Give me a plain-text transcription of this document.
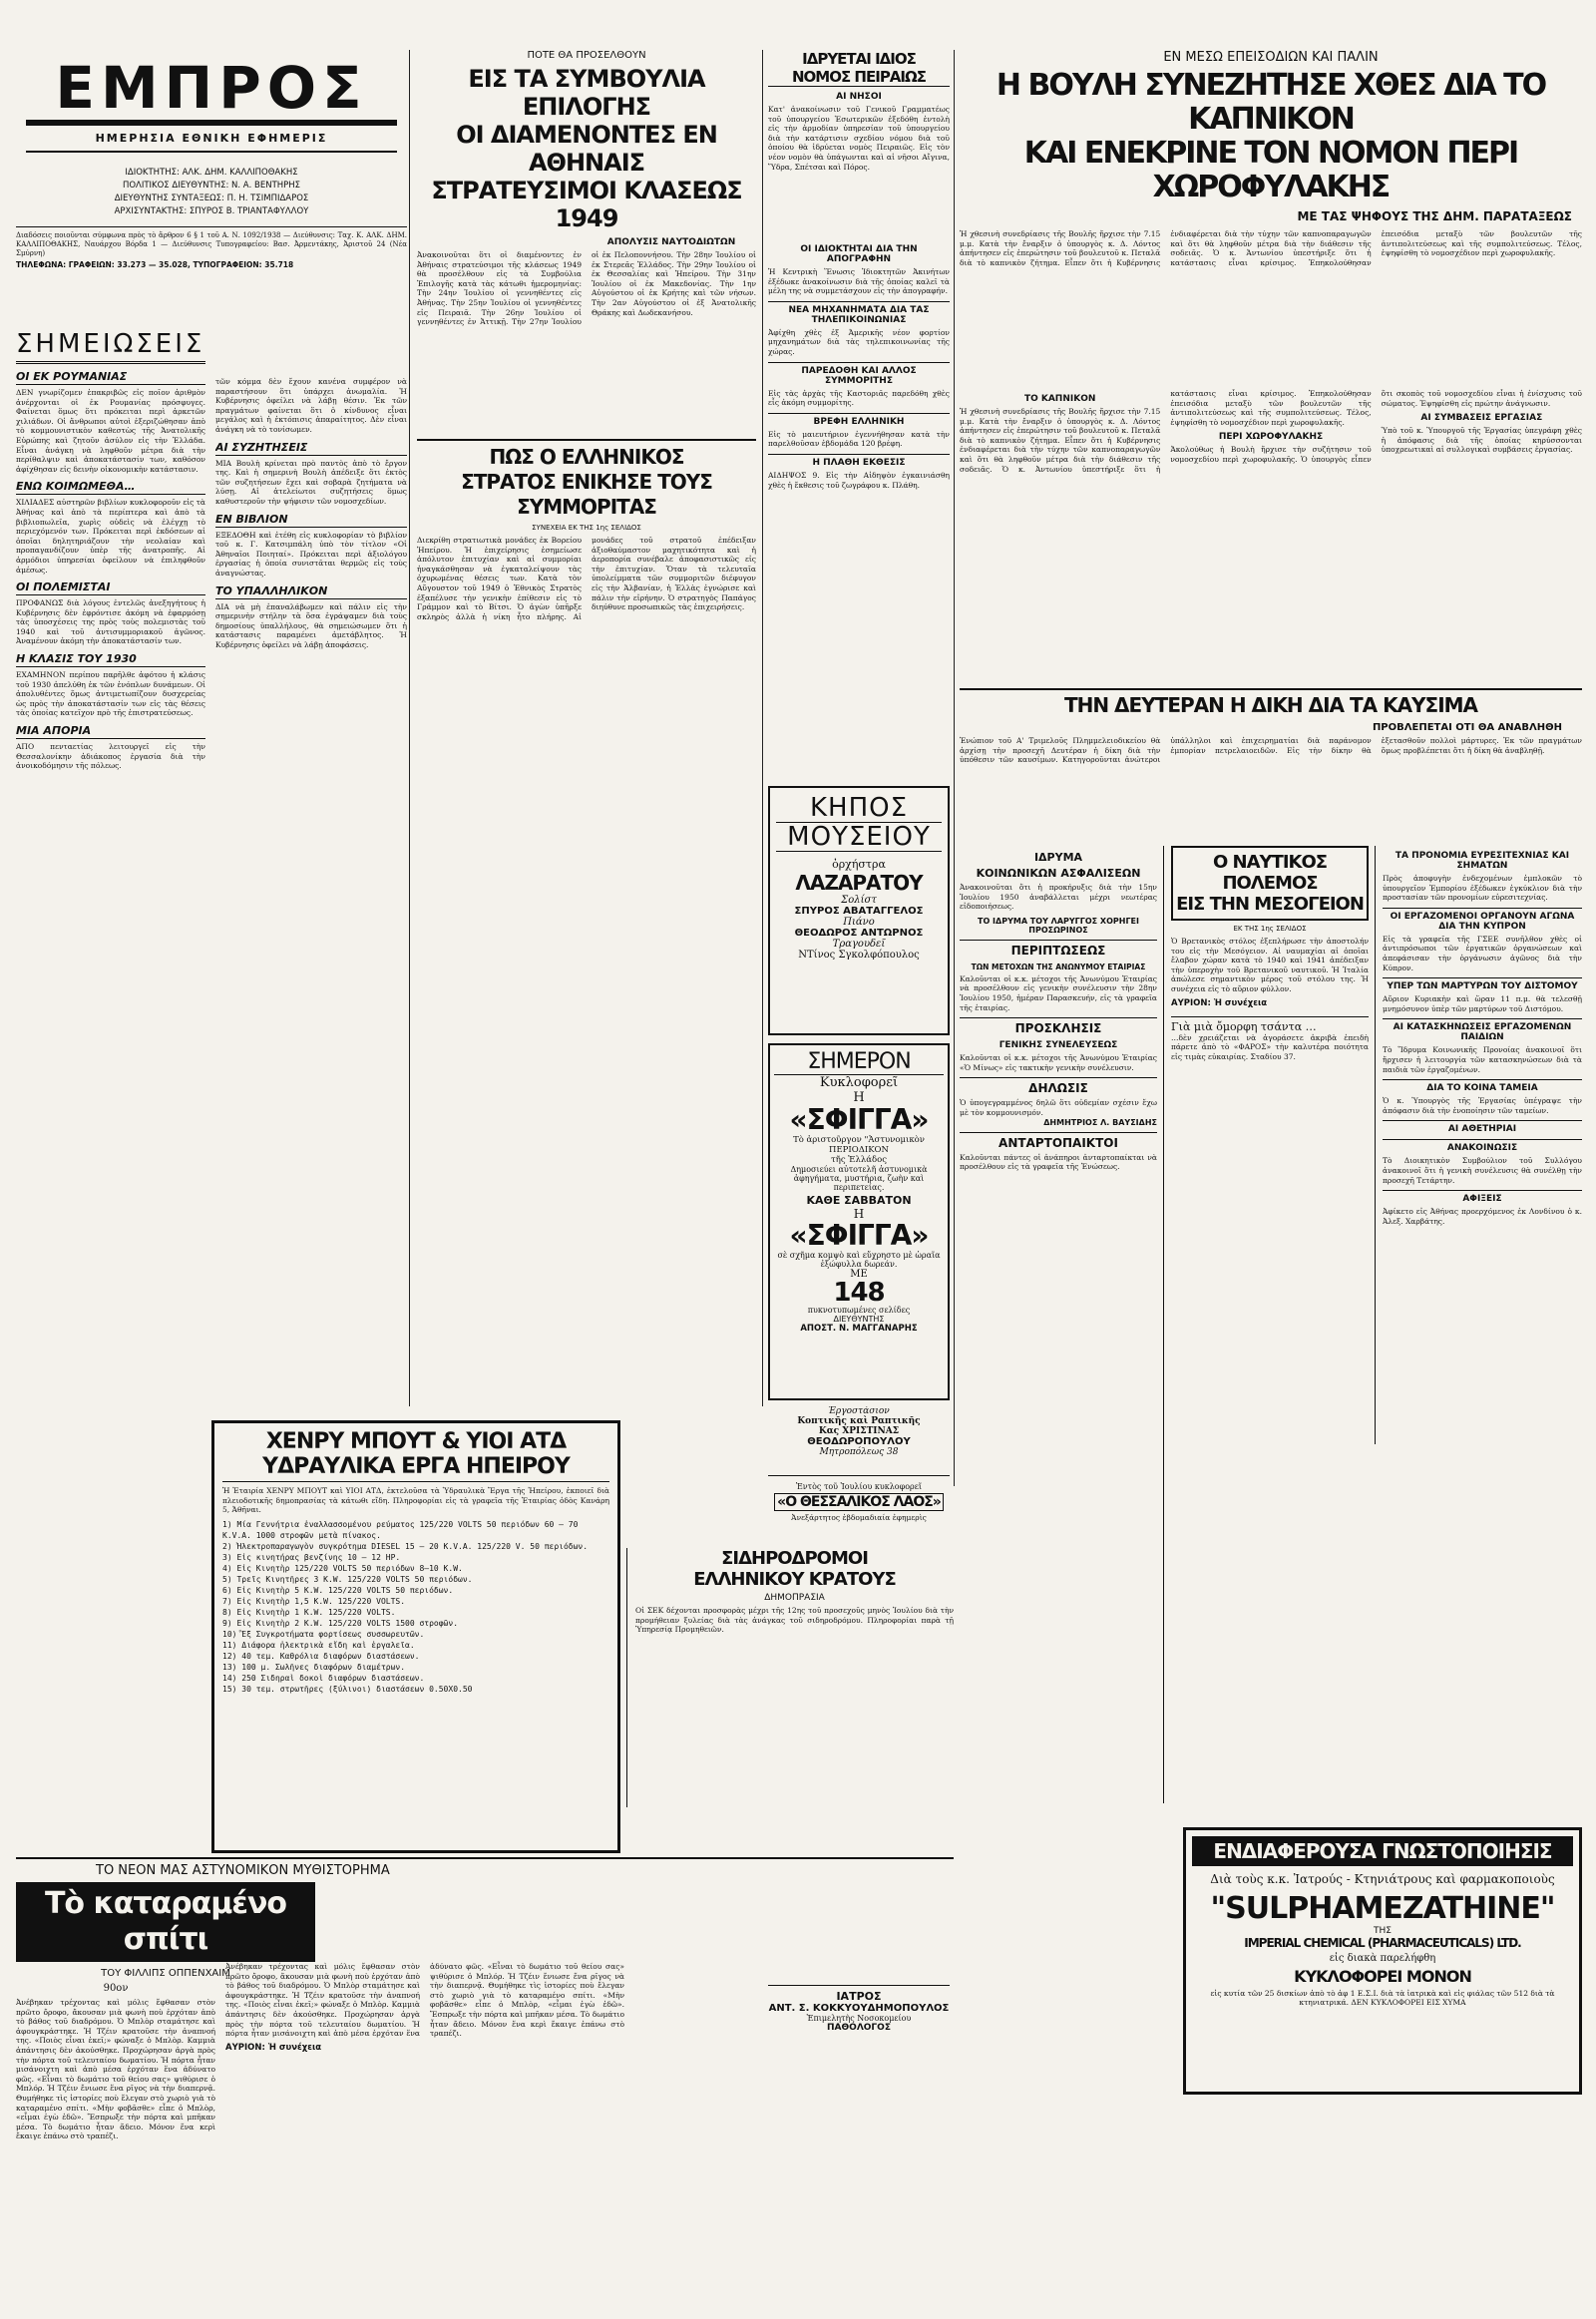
ΕΜΠΡΟΣ
ΗΜΕΡΗΣΙΑ ΕΘΝΙΚΗ ΕΦΗΜΕΡΙΣ
ΙΔΙΟΚΤΗΤΗΣ: ΑΛΚ. ΔΗΜ. ΚΑΛΛΙΠΟΘΑΚΗΣ
ΠΟΛΙΤΙΚΟΣ ΔΙΕΥΘΥΝΤΗΣ: Ν. Α. ΒΕΝΤΗΡΗΣ
ΔΙΕΥΘΥΝΤΗΣ ΣΥΝΤΑΞΕΩΣ: Π. Η. ΤΣΙΜΠΙΔΑΡΟΣ
ΑΡΧΙΣΥΝΤΑΚΤΗΣ: ΣΠΥΡΟΣ Β. ΤΡΙΑΝΤΑΦΥΛΛΟΥ
Διαδόσεις ποιοῦνται σύμφωνα πρὸς τὸ ἄρθρον 6 § 1 τοῦ Α. Ν. 1092/1938 — Διεύθυνσις: Ταχ. Κ. ΑΛΚ. ΔΗΜ. ΚΑΛΛΙΠΟΘΑΚΗΣ, Ναυάρχου Βόρδα 1 — Διεύθυνσις Τυπογραφείου: Βασ. Ἀρμεντάκης, Ἀριστοῦ 24 (Νέα Σμύρνη)
ΤΗΛΕΦΩΝΑ: ΓΡΑΦΕΙΩΝ: 33.273 — 35.028, ΤΥΠΟΓΡΑΦΕΙΟΝ: 35.718
ΣΗΜΕΙΩΣΕΙΣ
ΟΙ ΕΚ ΡΟΥΜΑΝΙΑΣ
ΔΕΝ γνωρίζομεν ἐπακριβῶς εἰς ποῖον ἀριθμὸν ἀνέρχονται οἱ ἐκ Ρουμανίας πρόσφυγες. Φαίνεται ὅμως ὅτι πρόκειται περὶ ἀρκετῶν χιλιάδων. Οἱ ἄνθρωποι αὐτοὶ ἐξεριζώθησαν ἀπὸ τὸ κομμουνιστικὸν καθεστὼς τῆς Ἀνατολικῆς Εὐρώπης καὶ ζητοῦν ἀσύλον εἰς τὴν Ἑλλάδα. Εἶναι ἀνάγκη νὰ ληφθοῦν μέτρα διὰ τὴν περίθαλψιν καὶ ἀποκατάστασίν των, καθόσον ἀφίχθησαν εἰς δεινὴν οἰκονομικὴν κατάστασιν.
ΕΝΩ ΚΟΙΜΩΜΕΘΑ…
ΧΙΛΙΑΔΕΣ αὐστηρῶν βιβλίων κυκλοφοροῦν εἰς τὰ Ἀθήνας καὶ ἀπὸ τὰ περίπτερα καὶ ἀπὸ τὰ βιβλιοπωλεῖα, χωρὶς οὐδεὶς νὰ ἐλέγχῃ τὸ περιεχόμενόν των. Πρόκειται περὶ ἐκδόσεων αἱ ὁποῖαι δηλητηριάζουν τὴν νεολαίαν καὶ προπαγανδίζουν ὑπὲρ τῆς ἀνατροπῆς. Αἱ ἁρμόδιοι ὑπηρεσίαι ὀφείλουν νὰ ἐπιληφθοῦν ἀμέσως.
ΟΙ ΠΟΛΕΜΙΣΤΑΙ
ΠΡΟΦΑΝΩΣ διὰ λόγους ἐντελῶς ἀνεξηγήτους ἡ Κυβέρνησις δὲν ἐφρόντισε ἀκόμη νὰ ἐφαρμόσῃ τὰς ὑποσχέσεις της πρὸς τοὺς πολεμιστὰς τοῦ 1940 καὶ τοῦ ἀντισυμμοριακοῦ ἀγῶνος. Ἀναμένουν ἀκόμη τὴν ἀποκατάστασίν των.
Η ΚΛΑΣΙΣ ΤΟΥ 1930
ΕΧΑΜΗΝΟΝ περίπου παρῆλθε ἀφότου ἡ κλάσις τοῦ 1930 ἀπελύθη ἐκ τῶν ἐνόπλων δυνάμεων. Οἱ ἀπολυθέντες ὅμως ἀντιμετωπίζουν δυσχερείας ὡς πρὸς τὴν ἀποκατάστασίν των εἰς τὰς θέσεις τὰς ὁποίας κατεῖχον πρὸ τῆς ἐπιστρατεύσεως.
ΜΙΑ ΑΠΟΡΙΑ
ΑΠΟ πενταετίας λειτουργεῖ εἰς τὴν Θεσσαλονίκην ἀδιάκοπος ἐργασία διὰ τὴν ἀνοικοδόμησιν τῆς πόλεως.
τῶν κόμμα δὲν ἔχουν κανένα συμφέρον νὰ παραστήσουν ὅτι ὑπάρχει ἀνωμαλία. Ἡ Κυβέρνησις ὀφείλει νὰ λάβῃ θέσιν. Ἐκ τῶν πραγμάτων φαίνεται ὅτι ὁ κίνδυνος εἶναι μεγάλος καὶ ἡ ἐκτόπισις ἀπαραίτητος. Δὲν εἶναι ἀνάγκη νὰ τὸ τονίσωμεν.
ΑΙ ΣΥΖΗΤΗΣΕΙΣ
ΜΙΑ Βουλὴ κρίνεται πρὸ παντὸς ἀπὸ τὸ ἔργον της. Καὶ ἡ σημερινὴ Βουλὴ ἀπέδειξε ὅτι ἐκτὸς τῶν συζητήσεων ἔχει καὶ σοβαρὰ ζητήματα νὰ λύσῃ. Αἱ ἀτελείωτοι συζητήσεις ὅμως καθυστεροῦν τὴν ψήφισιν τῶν νομοσχεδίων.
ΕΝ ΒΙΒΛΙΟΝ
ΕΞΕΔΟΘΗ καὶ ἐτέθη εἰς κυκλοφορίαν τὸ βιβλίον τοῦ κ. Γ. Κατσιμπάλη ὑπὸ τὸν τίτλον «Οἱ Ἀθηναῖοι Ποιηταί». Πρόκειται περὶ ἀξιολόγου ἐργασίας ἡ ὁποία συνιστᾶται θερμῶς εἰς τοὺς ἀναγνώστας.
ΤΟ ΥΠΑΛΛΗΛΙΚΟΝ
ΔΙΑ νὰ μὴ ἐπαναλάβωμεν καὶ πάλιν εἰς τὴν σημερινὴν στήλην τὰ ὅσα ἐγράψαμεν διὰ τοὺς δημοσίους ὑπαλλήλους, θὰ σημειώσωμεν ὅτι ἡ κατάστασις παραμένει ἀμετάβλητος. Ἡ Κυβέρνησις ὀφείλει νὰ λάβῃ ἀποφάσεις.
ΠΟΤΕ ΘΑ ΠΡΟΣΕΛΘΟΥΝ
ΕΙΣ ΤΑ ΣΥΜΒΟΥΛΙΑ ΕΠΙΛΟΓΗΣ
ΟΙ ΔΙΑΜΕΝΟΝΤΕΣ ΕΝ ΑΘΗΝΑΙΣ
ΣΤΡΑΤΕΥΣΙΜΟΙ ΚΛΑΣΕΩΣ 1949
ΑΠΟΛΥΣΙΣ ΝΑΥΤΟΔΙΩΤΩΝ
Ἀνακοινοῦται ὅτι οἱ διαμένοντες ἐν Ἀθήναις στρατεύσιμοι τῆς κλάσεως 1949 θὰ προσέλθουν εἰς τὰ Συμβούλια Ἐπιλογῆς κατὰ τὰς κάτωθι ἡμερομηνίας: Τὴν 24ην Ἰουλίου οἱ γεννηθέντες εἰς Ἀθήνας. Τὴν 25ην Ἰουλίου οἱ γεννηθέντες εἰς Πειραιᾶ. Τὴν 26ην Ἰουλίου οἱ γεννηθέντες ἐν Ἀττικῇ. Τὴν 27ην Ἰουλίου οἱ ἐκ Πελοποννήσου. Τὴν 28ην Ἰουλίου οἱ ἐκ Στερεᾶς Ἑλλάδος. Τὴν 29ην Ἰουλίου οἱ ἐκ Θεσσαλίας καὶ Ἠπείρου. Τὴν 31ην Ἰουλίου οἱ ἐκ Μακεδονίας. Τὴν 1ην Αὐγούστου οἱ ἐκ Κρήτης καὶ τῶν νήσων. Τὴν 2αν Αὐγούστου οἱ ἐξ Ἀνατολικῆς Θράκης καὶ Δωδεκανήσου.
ΠΩΣ Ο ΕΛΛΗΝΙΚΟΣ ΣΤΡΑΤΟΣ ΕΝΙΚΗΣΕ ΤΟΥΣ ΣΥΜΜΟΡΙΤΑΣ
ΣΥΝΕΧΕΙΑ ΕΚ ΤΗΣ 1ης ΣΕΛΙΔΟΣ
Διεκρίθη στρατιωτικὰ μονάδες ἐκ Βορείου Ἠπείρου. Ἡ ἐπιχείρησις ἐσημείωσε ἀπόλυτον ἐπιτυχίαν καὶ αἱ συμμορίαι ἠναγκάσθησαν νὰ ἐγκαταλείψουν τὰς ὀχυρωμένας θέσεις των. Κατὰ τὸν Αὔγουστον τοῦ 1949 ὁ Ἐθνικὸς Στρατὸς ἐξαπέλυσε τὴν γενικὴν ἐπίθεσιν εἰς τὸ Γράμμον καὶ τὸ Βίτσι. Ὁ ἀγὼν ὑπῆρξε σκληρὸς ἀλλὰ ἡ νίκη ἦτο πλήρης. Αἱ μονάδες τοῦ στρατοῦ ἐπέδειξαν ἀξιοθαύμαστον μαχητικότητα καὶ ἡ ἀεροπορία συνέβαλε ἀποφασιστικῶς εἰς τὴν ἐπιτυχίαν. Ὅταν τὰ τελευταῖα ὑπολείμματα τῶν συμμοριτῶν διέφυγον εἰς τὴν Ἀλβανίαν, ἡ Ἑλλὰς ἐγνώρισε καὶ πάλιν τὴν εἰρήνην. Ὁ στρατηγὸς Παπάγος διηύθυνε προσωπικῶς τὰς ἐπιχειρήσεις.
ΙΔΡΥΕΤΑΙ ΙΔΙΟΣ
ΝΟΜΟΣ ΠΕΙΡΑΙΩΣ
ΑΙ ΝΗΣΟΙ
Κατ' ἀνακοίνωσιν τοῦ Γενικοῦ Γραμματέως τοῦ ὑπουργείου Ἐσωτερικῶν ἐξεδόθη ἐντολὴ εἰς τὴν ἁρμοδίαν ὑπηρεσίαν τοῦ ὑπουργείου διὰ τὴν κατάρτισιν σχεδίου νόμου διὰ τοῦ ὁποίου θὰ ἱδρύεται νομὸς Πειραιῶς. Εἰς τὸν νέον νομὸν θὰ ὑπάγωνται καὶ αἱ νῆσοι Αἴγινα, Ὕδρα, Σπέτσαι καὶ Πόρος.
ΟΙ ΙΔΙΟΚΤΗΤΑΙ ΔΙΑ ΤΗΝ ΑΠΟΓΡΑΦΗΝ
Ἡ Κεντρικὴ Ἕνωσις Ἰδιοκτητῶν Ἀκινήτων ἐξέδωκε ἀνακοίνωσιν διὰ τῆς ὁποίας καλεῖ τὰ μέλη της νὰ συμμετάσχουν εἰς τὴν ἀπογραφήν.
ΝΕΑ ΜΗΧΑΝΗΜΑΤΑ ΔΙΑ ΤΑΣ ΤΗΛΕΠΙΚΟΙΝΩΝΙΑΣ
Ἀφίχθη χθὲς ἐξ Ἀμερικῆς νέον φορτίον μηχανημάτων διὰ τὰς τηλεπικοινωνίας τῆς χώρας.
ΠΑΡΕΔΟΘΗ ΚΑΙ ΑΛΛΟΣ ΣΥΜΜΟΡΙΤΗΣ
Εἰς τὰς ἀρχὰς τῆς Καστοριᾶς παρεδόθη χθὲς εἷς ἀκόμη συμμορίτης.
ΒΡΕΦΗ ΕΛΛΗΝΙΚΗ
Εἰς τὸ μαιευτήριον ἐγεννήθησαν κατὰ τὴν παρελθοῦσαν ἑβδομάδα 120 βρέφη.
Η ΠΛΑΘΗ ΕΚΘΕΣΙΣ
ΑΙΔΗΨΟΣ 9. Εἰς τὴν Αἰδηψὸν ἐγκαινιάσθη χθὲς ἡ ἔκθεσις τοῦ ζωγράφου κ. Πλάθη.
ΚΗΠΟΣ
ΜΟΥΣΕΙΟΥ
ὀρχήστρα
ΛΑΖΑΡΑΤΟΥ
Σολίστ
ΣΠΥΡΟΣ ΑΒΑΤΑΓΓΕΛΟΣ
Πιάνο
ΘΕΟΔΩΡΟΣ ΑΝΤΩΡΝΟΣ
Τραγουδεῖ
ΝΤίνος Σγκολφόπουλος
ΣΗΜΕΡΟΝ
Κυκλοφορεῖ
Η
«ΣΦΙΓΓΑ»
Τὸ ἀριστοῦργον "Ἀστυνομικὸν ΠΕΡΙΟΔΙΚΟΝ
τῆς Ἑλλάδος
Δημοσιεύει αὐτοτελῆ ἀστυνομικὰ ἀφηγήματα, μυστήρια, ζωὴν καὶ περιπετείας.
ΚΑΘΕ ΣΑΒΒΑΤΟΝ
Η
«ΣΦΙΓΓΑ»
σὲ σχῆμα κομψὸ καὶ εὔχρηστο μὲ ὡραῖα ἐξώφυλλα δωρεάν.
ΜΕ
148
πυκνοτυπωμένες σελίδες
ΔΙΕΥΘΥΝΤΗΣ
ΑΠΟΣΤ. Ν. ΜΑΓΓΑΝΑΡΗΣ
Ἐργοστάσιον
Κοπτικῆς καὶ Ραπτικῆς
Κας ΧΡΙΣΤΙΝΑΣ
ΘΕΟΔΩΡΟΠΟΥΛΟΥ
Μητροπόλεως 38
Ἐντὸς τοῦ Ἰουλίου κυκλοφορεῖ
«Ο ΘΕΣΣΑΛΙΚΟΣ ΛΑΟΣ»
Ἀνεξάρτητος ἑβδομαδιαία ἐφημερὶς
ΣΙΔΗΡΟΔΡΟΜΟΙ
ΕΛΛΗΝΙΚΟΥ ΚΡΑΤΟΥΣ
ΔΗΜΟΠΡΑΣΙΑ
Οἱ ΣΕΚ δέχονται προσφορὰς μέχρι τῆς 12ης τοῦ προσεχοῦς μηνὸς Ἰουλίου διὰ τὴν προμήθειαν ξυλείας διὰ τὰς ἀνάγκας τοῦ σιδηροδρόμου. Πληροφορίαι παρὰ τῇ Ὑπηρεσίᾳ Προμηθειῶν.
ΙΑΤΡΟΣ
ΑΝΤ. Σ. ΚΟΚΚΥΟΥΔΗΜΟΠΟΥΛΟΣ
Ἐπιμελητὴς Νοσοκομείου
ΠΑΘΟΛΟΓΟΣ
ΕΝ ΜΕΣΩ ΕΠΕΙΣΟΔΙΩΝ ΚΑΙ ΠΑΛΙΝ
Η ΒΟΥΛΗ ΣΥΝΕΖΗΤΗΣΕ ΧΘΕΣ ΔΙΑ ΤΟ ΚΑΠΝΙΚΟΝ
ΚΑΙ ΕΝΕΚΡΙΝΕ ΤΟΝ ΝΟΜΟΝ ΠΕΡΙ ΧΩΡΟΦΥΛΑΚΗΣ
ΜΕ ΤΑΣ ΨΗΦΟΥΣ ΤΗΣ ΔΗΜ. ΠΑΡΑΤΑΞΕΩΣ
Ἡ χθεσινὴ συνεδρίασις τῆς Βουλῆς ἤρχισε τὴν 7.15 μ.μ. Κατὰ τὴν ἔναρξιν ὁ ὑπουργὸς κ. Δ. Λόντος ἀπήντησεν εἰς ἐπερώτησιν τοῦ βουλευτοῦ κ. Πεταλᾶ διὰ τὸ καπνικὸν ζήτημα. Εἶπεν ὅτι ἡ Κυβέρνησις ἐνδιαφέρεται διὰ τὴν τύχην τῶν καπνοπαραγωγῶν καὶ ὅτι θὰ ληφθοῦν μέτρα διὰ τὴν διάθεσιν τῆς σοδειᾶς. Ὁ κ. Ἀντωνίου ὑπεστήριξε ὅτι ἡ κατάστασις εἶναι κρίσιμος. Ἐπηκολούθησαν ἐπεισόδια μεταξὺ τῶν βουλευτῶν τῆς ἀντιπολιτεύσεως καὶ τῆς συμπολιτεύσεως. Τέλος, ἐψηφίσθη τὸ νομοσχέδιον περὶ χωροφυλακῆς.
ΤΟ ΚΑΠΝΙΚΟΝ
Ἡ χθεσινὴ συνεδρίασις τῆς Βουλῆς ἤρχισε τὴν 7.15 μ.μ. Κατὰ τὴν ἔναρξιν ὁ ὑπουργὸς κ. Δ. Λόντος ἀπήντησεν εἰς ἐπερώτησιν τοῦ βουλευτοῦ κ. Πεταλᾶ διὰ τὸ καπνικὸν ζήτημα. Εἶπεν ὅτι ἡ Κυβέρνησις ἐνδιαφέρεται διὰ τὴν τύχην τῶν καπνοπαραγωγῶν καὶ ὅτι θὰ ληφθοῦν μέτρα διὰ τὴν διάθεσιν τῆς σοδειᾶς. Ὁ κ. Ἀντωνίου ὑπεστήριξε ὅτι ἡ κατάστασις εἶναι κρίσιμος. Ἐπηκολούθησαν ἐπεισόδια μεταξὺ τῶν βουλευτῶν τῆς ἀντιπολιτεύσεως καὶ τῆς συμπολιτεύσεως. Τέλος, ἐψηφίσθη τὸ νομοσχέδιον περὶ χωροφυλακῆς.
ΠΕΡΙ ΧΩΡΟΦΥΛΑΚΗΣ
Ἀκολούθως ἡ Βουλὴ ἤρχισε τὴν συζήτησιν τοῦ νομοσχεδίου περὶ χωροφυλακῆς. Ὁ ὑπουργὸς εἶπεν ὅτι σκοπὸς τοῦ νομοσχεδίου εἶναι ἡ ἐνίσχυσις τοῦ σώματος. Ἐψηφίσθη εἰς πρώτην ἀνάγνωσιν.
ΑΙ ΣΥΜΒΑΣΕΙΣ ΕΡΓΑΣΙΑΣ
Ὑπὸ τοῦ κ. Ὑπουργοῦ τῆς Ἐργασίας ὑπεγράφη χθὲς ἡ ἀπόφασις διὰ τῆς ὁποίας κηρύσσονται ὑποχρεωτικαὶ αἱ συλλογικαὶ συμβάσεις ἐργασίας.
ΤΗΝ ΔΕΥΤΕΡΑΝ Η ΔΙΚΗ ΔΙΑ ΤΑ ΚΑΥΣΙΜΑ
ΠΡΟΒΛΕΠΕΤΑΙ ΟΤΙ ΘΑ ΑΝΑΒΛΗΘΗ
Ἐνώπιον τοῦ Α' Τριμελοῦς Πλημμελειοδικείου θὰ ἀρχίσῃ τὴν προσεχῆ Δευτέραν ἡ δίκη διὰ τὴν ὑπόθεσιν τῶν καυσίμων. Κατηγοροῦνται ἀνώτεροι ὑπάλληλοι καὶ ἐπιχειρηματίαι διὰ παράνομον ἐμπορίαν πετρελαιοειδῶν. Εἰς τὴν δίκην θὰ ἐξετασθοῦν πολλοὶ μάρτυρες. Ἐκ τῶν πραγμάτων ὅμως προβλέπεται ὅτι ἡ δίκη θὰ ἀναβληθῇ.
ΙΔΡΥΜΑ
ΚΟΙΝΩΝΙΚΩΝ ΑΣΦΑΛΙΣΕΩΝ
Ἀνακοινοῦται ὅτι ἡ προκήρυξις διὰ τὴν 15ην Ἰουλίου 1950 ἀναβάλλεται μέχρι νεωτέρας εἰδοποιήσεως.
ΤΟ ΙΔΡΥΜΑ ΤΟΥ ΛΑΡΥΓΓΟΣ ΧΟΡΗΓΕΙ ΠΡΟΣΩΡΙΝΟΣ
ΠΕΡΙΠΤΩΣΕΩΣ
ΤΩΝ ΜΕΤΟΧΩΝ ΤΗΣ ΑΝΩΝΥΜΟΥ ΕΤΑΙΡΙΑΣ
Καλοῦνται οἱ κ.κ. μέτοχοι τῆς Ἀνωνύμου Ἑταιρίας νὰ προσέλθουν εἰς γενικὴν συνέλευσιν τὴν 28ην Ἰουλίου 1950, ἡμέραν Παρασκευήν, εἰς τὰ γραφεῖα τῆς ἑταιρίας.
ΠΡΟΣΚΛΗΣΙΣ
ΓΕΝΙΚΗΣ ΣΥΝΕΛΕΥΣΕΩΣ
Καλοῦνται οἱ κ.κ. μέτοχοι τῆς Ἀνωνύμου Ἑταιρίας «Ὁ Μίνως» εἰς τακτικὴν γενικὴν συνέλευσιν.
ΔΗΛΩΣΙΣ
Ὁ ὑπογεγραμμένος δηλῶ ὅτι οὐδεμίαν σχέσιν ἔχω μὲ τὸν κομμουνισμόν.
ΔΗΜΗΤΡΙΟΣ Λ. ΒΑΥΣΙΔΗΣ
ΑΝΤΑΡΤΟΠΑΙΚΤΟΙ
Καλοῦνται πάντες οἱ ἀνάπηροι ἀνταρτοπαίκται νὰ προσέλθουν εἰς τὰ γραφεῖα τῆς Ἑνώσεως.
Ο ΝΑΥΤΙΚΟΣ ΠΟΛΕΜΟΣ
ΕΙΣ ΤΗΝ ΜΕΣΟΓΕΙΟΝ
ΕΚ ΤΗΣ 1ης ΣΕΛΙΔΟΣ
Ὁ Βρετανικὸς στόλος ἐξεπλήρωσε τὴν ἀποστολήν του εἰς τὴν Μεσόγειον. Αἱ ναυμαχίαι αἱ ὁποῖαι ἔλαβον χώραν κατὰ τὸ 1940 καὶ 1941 ἀπέδειξαν τὴν ὑπεροχὴν τοῦ Βρετανικοῦ ναυτικοῦ. Ἡ Ἰταλία ἀπώλεσε σημαντικὸν μέρος τοῦ στόλου της. Ἡ συνέχεια εἰς τὸ αὔριον φύλλον.
ΑΥΡΙΟΝ: Ἡ συνέχεια
Γιὰ μιὰ ὄμορφη τσάντα …
…δὲν χρειάζεται νὰ ἀγοράσετε ἀκριβὰ ἐπειδὴ πάρετε ἀπὸ τὸ «ΦΑΡΟΣ» τὴν καλυτέρα ποιότητα εἰς τιμὰς εὐκαιρίας. Σταδίου 37.
ΤΑ ΠΡΟΝΟΜΙΑ ΕΥΡΕΣΙΤΕΧΝΙΑΣ ΚΑΙ ΣΗΜΑΤΩΝ
Πρὸς ἀποφυγὴν ἐνδεχομένων ἐμπλοκῶν τὸ ὑπουργεῖον Ἐμπορίου ἐξέδωκεν ἐγκύκλιον διὰ τὴν προστασίαν τῶν προνομίων εὑρεσιτεχνίας.
ΟΙ ΕΡΓΑΖΟΜΕΝΟΙ ΟΡΓΑΝΟΥΝ ΑΓΩΝΑ ΔΙΑ ΤΗΝ ΚΥΠΡΟΝ
Εἰς τὰ γραφεῖα τῆς ΓΣΕΕ συνῆλθον χθὲς οἱ ἀντιπρόσωποι τῶν ἐργατικῶν ὀργανώσεων καὶ ἀπεφάσισαν τὴν ὀργάνωσιν ἀγῶνος διὰ τὴν Κύπρον.
ΥΠΕΡ ΤΩΝ ΜΑΡΤΥΡΩΝ ΤΟΥ ΔΙΣΤΟΜΟΥ
Αὔριον Κυριακὴν καὶ ὥραν 11 π.μ. θὰ τελεσθῇ μνημόσυνον ὑπὲρ τῶν μαρτύρων τοῦ Διστόμου.
ΑΙ ΚΑΤΑΣΚΗΝΩΣΕΙΣ ΕΡΓΑΖΟΜΕΝΩΝ ΠΑΙΔΙΩΝ
Τὸ Ἵδρυμα Κοινωνικῆς Προνοίας ἀνακοινοῖ ὅτι ἤρχισεν ἡ λειτουργία τῶν κατασκηνώσεων διὰ τὰ παιδιὰ τῶν ἐργαζομένων.
ΔΙΑ ΤΟ ΚΟΙΝΑ ΤΑΜΕΙΑ
Ὁ κ. Ὑπουργὸς τῆς Ἐργασίας ὑπέγραψε τὴν ἀπόφασιν διὰ τὴν ἐνοποίησιν τῶν ταμείων.
ΑΙ ΑΘΕΤΗΡΙΑΙ
ΑΝΑΚΟΙΝΩΣΙΣ
Τὸ Διοικητικὸν Συμβούλιον τοῦ Συλλόγου ἀνακοινοῖ ὅτι ἡ γενικὴ συνέλευσις θὰ συνέλθῃ τὴν προσεχῆ Τετάρτην.
ΑΦΙΞΕΙΣ
Ἀφίκετο εἰς Ἀθήνας προερχόμενος ἐκ Λονδίνου ὁ κ. Ἀλεξ. Χαρβάτης.
ΧΕΝΡΥ ΜΠΟΥΤ & ΥΙΟΙ ΑΤΔ
ΥΔΡΑΥΛΙΚΑ ΕΡΓΑ ΗΠΕΙΡΟΥ
Ἡ Ἑταιρία ΧΕΝΡΥ ΜΠΟΥΤ καὶ ΥΙΟΙ ΑΤΔ, ἐκτελοῦσα τὰ Ὑδραυλικὰ Ἔργα τῆς Ἠπείρου, ἐκποιεῖ διὰ πλειοδοτικῆς δημοπρασίας τὰ κάτωθι εἴδη. Πληροφορίαι εἰς τὰ γραφεῖα τῆς Ἑταιρίας ὁδὸς Κανάρη 5, Ἀθῆναι.
1) Μία Γεννήτρια ἐναλλασσομένου ρεύματος 125/220 VOLTS 50 περιόδων 60 — 70 K.V.A. 1000 στροφῶν μετὰ πίνακος.
2) Ἠλεκτροπαραγωγὸν συγκρότημα DIESEL 15 — 20 K.V.A. 125/220 V. 50 περιόδων.
3) Εἰς κινητήρας βενζίνης 10 — 12 ΗΡ.
4) Εἰς Κινητὴρ 125/220 VOLTS 50 περιόδων 8—10 K.W.
5) Τρεῖς Κινητῆρες 3 K.W. 125/220 VOLTS 50 περιόδων.
6) Εἰς Κινητὴρ 5 K.W. 125/220 VOLTS 50 περιόδων.
7) Εἰς Κινητὴρ 1,5 K.W. 125/220 VOLTS.
8) Εἰς Κινητὴρ 1 K.W. 125/220 VOLTS.
9) Εἰς Κινητὴρ 2 K.W. 125/220 VOLTS 1500 στροφῶν.
10) Ἓξ Συγκροτήματα φορτίσεως συσσωρευτῶν.
11) Διάφορα ἠλεκτρικὰ εἴδη καὶ ἐργαλεῖα.
12) 40 τεμ. Καθρόλια διαφόρων διαστάσεων.
13) 100 μ. Σωλῆνες διαφόρων διαμέτρων.
14) 250 Σιδηραὶ δοκοὶ διαφόρων διαστάσεων.
15) 30 τεμ. στρωτῆρες (ξύλινοι) διαστάσεων 0.50X0.50
ΤΟ ΝΕΟΝ ΜΑΣ ΑΣΤΥΝΟΜΙΚΟΝ ΜΥΘΙΣΤΟΡΗΜΑ
Τὸ καταραμένο σπίτι
ΤΟΥ ΦΙΛΛΙΠΣ ΟΠΠΕΝΧΑΙΜ
90ον
Ἀνέβηκαν τρέχοντας καὶ μόλις ἔφθασαν στὸν πρῶτο ὄροφο, ἄκουσαν μιὰ φωνὴ ποὺ ἐρχόταν ἀπὸ τὸ βάθος τοῦ διαδρόμου. Ὁ Μπλὸρ σταμάτησε καὶ ἀφουγκράστηκε. Ἡ Τζέιν κρατοῦσε τὴν ἀναπνοή της. «Ποιὸς εἶναι ἐκεῖ;» φώναξε ὁ Μπλὸρ. Καμμιὰ ἀπάντησις δὲν ἀκούσθηκε. Προχώρησαν ἀργὰ πρὸς τὴν πόρτα τοῦ τελευταίου δωματίου. Ἡ πόρτα ἦταν μισάνοιχτη καὶ ἀπὸ μέσα ἐρχόταν ἕνα ἀδύνατο φῶς. «Εἶναι τὸ δωμάτιο τοῦ θείου σας» ψιθύρισε ὁ Μπλόρ. Ἡ Τζέιν ἔνιωσε ἕνα ρῖγος νὰ τὴν διαπερνᾷ. Θυμήθηκε τὶς ἱστορίες ποὺ ἔλεγαν στὸ χωριὸ γιὰ τὸ καταραμένο σπίτι. «Μὴν φοβᾶσθε» εἶπε ὁ Μπλὸρ, «εἶμαι ἐγὼ ἐδῶ». Ἔσπρωξε τὴν πόρτα καὶ μπῆκαν μέσα. Τὸ δωμάτιο ἦταν ἄδειο. Μόνον ἕνα κερὶ ἔκαιγε ἐπάνω στὸ τραπέζι.
Ἀνέβηκαν τρέχοντας καὶ μόλις ἔφθασαν στὸν πρῶτο ὄροφο, ἄκουσαν μιὰ φωνὴ ποὺ ἐρχόταν ἀπὸ τὸ βάθος τοῦ διαδρόμου. Ὁ Μπλὸρ σταμάτησε καὶ ἀφουγκράστηκε. Ἡ Τζέιν κρατοῦσε τὴν ἀναπνοή της. «Ποιὸς εἶναι ἐκεῖ;» φώναξε ὁ Μπλὸρ. Καμμιὰ ἀπάντησις δὲν ἀκούσθηκε. Προχώρησαν ἀργὰ πρὸς τὴν πόρτα τοῦ τελευταίου δωματίου. Ἡ πόρτα ἦταν μισάνοιχτη καὶ ἀπὸ μέσα ἐρχόταν ἕνα ἀδύνατο φῶς. «Εἶναι τὸ δωμάτιο τοῦ θείου σας» ψιθύρισε ὁ Μπλόρ. Ἡ Τζέιν ἔνιωσε ἕνα ρῖγος νὰ τὴν διαπερνᾷ. Θυμήθηκε τὶς ἱστορίες ποὺ ἔλεγαν στὸ χωριὸ γιὰ τὸ καταραμένο σπίτι. «Μὴν φοβᾶσθε» εἶπε ὁ Μπλὸρ, «εἶμαι ἐγὼ ἐδῶ». Ἔσπρωξε τὴν πόρτα καὶ μπῆκαν μέσα. Τὸ δωμάτιο ἦταν ἄδειο. Μόνον ἕνα κερὶ ἔκαιγε ἐπάνω στὸ τραπέζι.
ΑΥΡΙΟΝ: Ἡ συνέχεια
ΕΝΔΙΑΦΕΡΟΥΣΑ ΓΝΩΣΤΟΠΟΙΗΣΙΣ
Διὰ τοὺς κ.κ. Ἰατρούς - Κτηνιάτρους καὶ φαρμακοποιοὺς
"SULPHAMEZATHINE"
ΤΗΣ
IMPERIAL CHEMICAL (PHARMACEUTICALS) LTD.
εἰς διακὰ παρελήφθη
ΚΥΚΛΟΦΟΡΕΙ ΜΟΝΟΝ
εἰς κυτία τῶν 25 δισκίων ἀπὸ τὸ ἀφ 1 Ε.Σ.Ι. διὰ τὰ ἰατρικὰ καὶ εἰς φιάλας τῶν 512 διὰ τὰ κτηνιατρικά. ΔΕΝ ΚΥΚΛΟΦΟΡΕΙ ΕΙΣ ΧΥΜΑ
